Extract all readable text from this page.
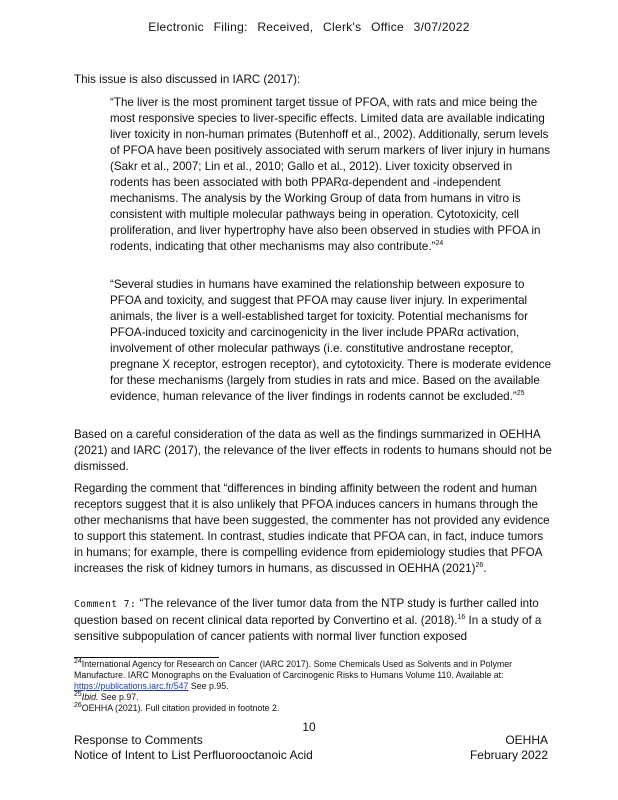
Electronic Filing: Received, Clerk's Office 3/07/2022

This issue is also discussed in IARC (2017):

“The liver is the most prominent target tissue of PFOA, with rats and mice being the most responsive species to liver-specific effects. Limited data are available indicating liver toxicity in non-human primates (Butenhoff et al., 2002). Additionally, serum levels of PFOA have been positively associated with serum markers of liver injury in humans (Sakr et al., 2007; Lin et al., 2010; Gallo et al., 2012). Liver toxicity observed in rodents has been associated with both PPARα-dependent and -independent mechanisms. The analysis by the Working Group of data from humans in vitro is consistent with multiple molecular pathways being in operation. Cytotoxicity, cell proliferation, and liver hypertrophy have also been observed in studies with PFOA in rodents, indicating that other mechanisms may also contribute.”$^{24}$

“Several studies in humans have examined the relationship between exposure to PFOA and toxicity, and suggest that PFOA may cause liver injury. In experimental animals, the liver is a well-established target for toxicity. Potential mechanisms for PFOA-induced toxicity and carcinogenicity in the liver include PPARα activation, involvement of other molecular pathways (i.e. constitutive androstane receptor, pregnane X receptor, estrogen receptor), and cytotoxicity. There is moderate evidence for these mechanisms (largely from studies in rats and mice. Based on the available evidence, human relevance of the liver findings in rodents cannot be excluded.”$^{25}$

Based on a careful consideration of the data as well as the findings summarized in OEHHA (2021) and IARC (2017), the relevance of the liver effects in rodents to humans should not be dismissed.

Regarding the comment that “differences in binding affinity between the rodent and human receptors suggest that it is also unlikely that PFOA induces cancers in humans through the other mechanisms that have been suggested, the commenter has not provided any evidence to support this statement. In contrast, studies indicate that PFOA can, in fact, induce tumors in humans; for example, there is compelling evidence from epidemiology studies that PFOA increases the risk of kidney tumors in humans, as discussed in OEHHA $(2021)^{26}$.

Comment 7: “The relevance of the liver tumor data from the NTP study is further called into question based on recent clinical data reported by Convertino et al. (2018).$^{16}$ In a study of a sensitive subpopulation of cancer patients with normal liver function exposed

$^{24}$International Agency for Research on Cancer (IARC 2017). Some Chemicals Used as Solvents and in Polymer Manufacture. IARC Monographs on the Evaluation of Carcinogenic Risks to Humans Volume 110. Available at: https://publications.iarc.fr/547 See p.95.

$^{25}$Ibid. See p.97.

$^{26}$OEHHA (2021). Full citation provided in footnote 2.

10
Response to Comments
Notice of Intent to List Perfluorooctanoic Acid
OEHHA
February 2022
